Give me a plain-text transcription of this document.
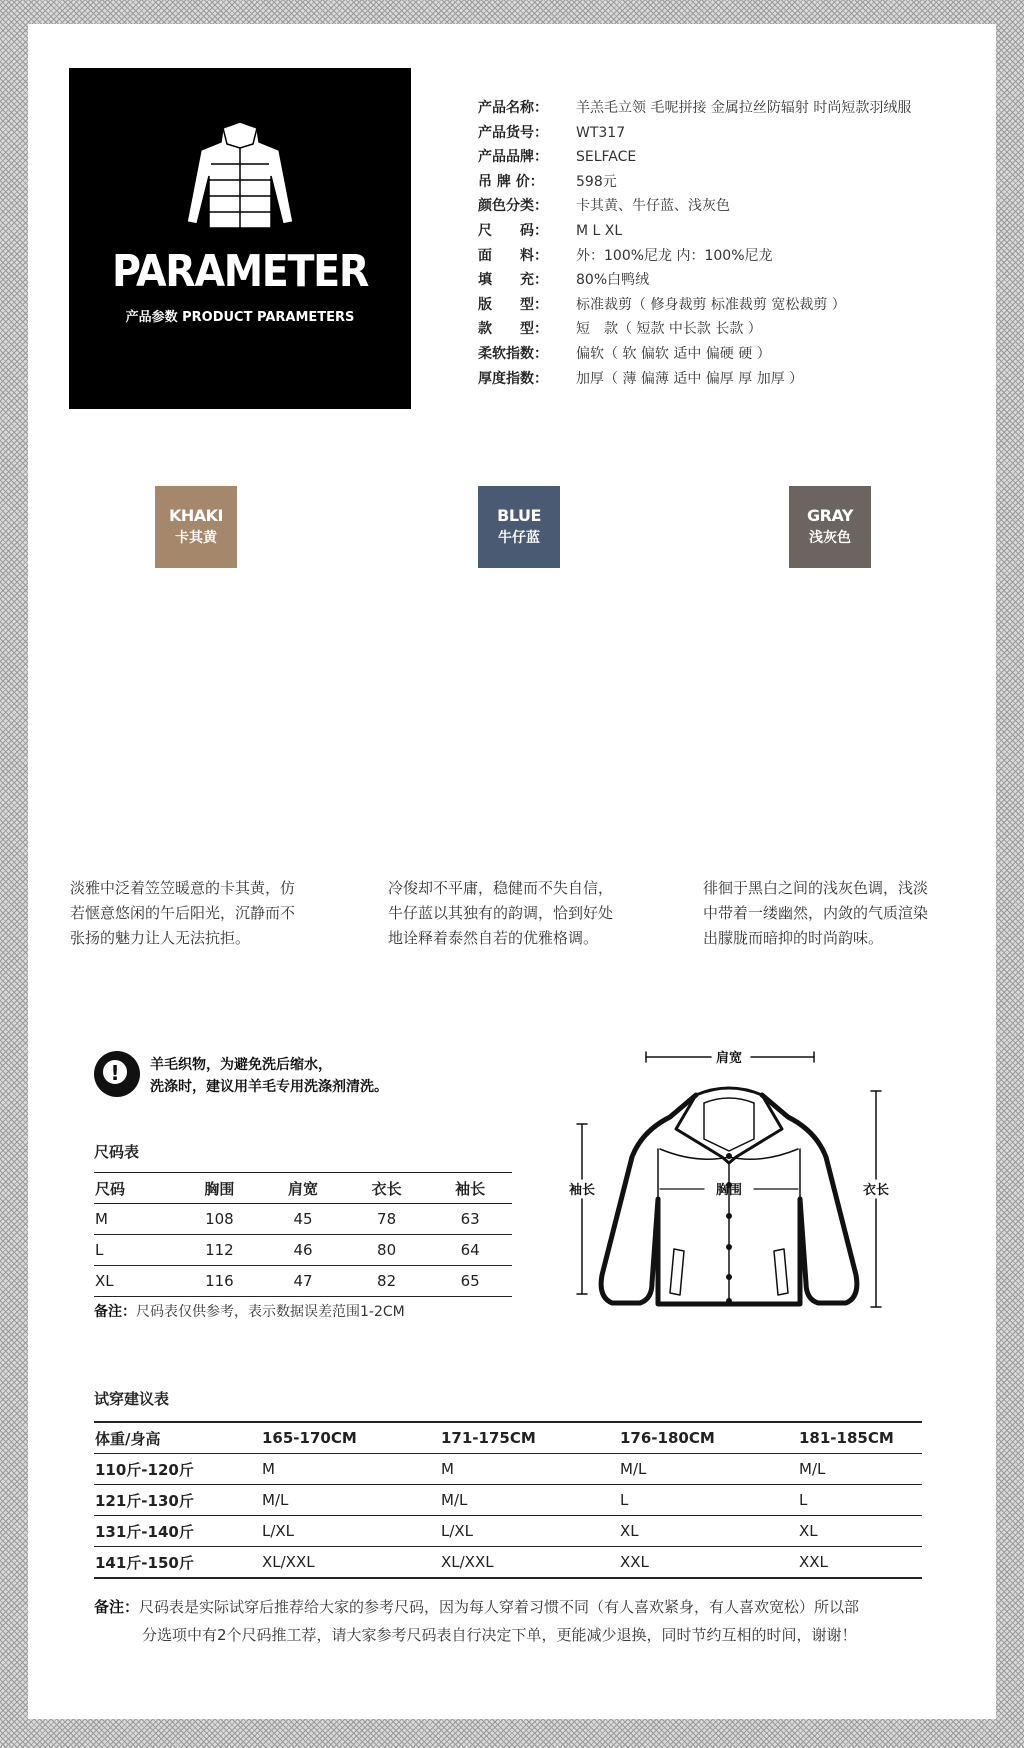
PARAMETER
产品参数 PRODUCT PARAMETERS
产品名称：	羊羔毛立领 毛呢拼接 金属拉丝防辐射 时尚短款羽绒服
产品货号：	WT317
产品品牌：	SELFACE
吊 牌 价：	598元
颜色分类：	卡其黄、牛仔蓝、浅灰色
尺　　码：	M L XL
面　　料：	外：100%尼龙 内：100%尼龙
填　　充：	80%白鸭绒
版　　型：	标准裁剪（ 修身裁剪 标准裁剪 宽松裁剪 ）
款　　型：	短　款（ 短款 中长款 长款 ）
柔软指数：	偏软（ 软 偏软 适中 偏硬 硬 ）
厚度指数：	加厚（ 薄 偏薄 适中 偏厚 厚 加厚 ）
KHAKI
卡其黄
BLUE
牛仔蓝
GRAY
浅灰色
淡雅中泛着笠笠暖意的卡其黄，仿
若惬意悠闲的午后阳光，沉静而不
张扬的魅力让人无法抗拒。
冷俊却不平庸，稳健而不失自信，
牛仔蓝以其独有的韵调，恰到好处
地诠释着泰然自若的优雅格调。
徘徊于黑白之间的浅灰色调，浅淡
中带着一缕幽然，内敛的气质渲染
出朦胧而暗抑的时尚韵味。
!	羊毛织物，为避免洗后缩水，
洗涤时，建议用羊毛专用洗涤剂清洗。
尺码表
尺码	胸围	肩宽	衣长	袖长
M	108	45	78	63
L	112	46	80	64
XL	116	47	82	65
备注：尺码表仅供参考，表示数据误差范围1-2CM
肩宽
胸围
袖长	衣长
试穿建议表
体重/身高	165-170CM	171-175CM	176-180CM	181-185CM
110斤-120斤	M	M	M/L	M/L
121斤-130斤	M/L	M/L	L	L
131斤-140斤	L/XL	L/XL	XL	XL
141斤-150斤	XL/XXL	XL/XXL	XXL	XXL
备注：尺码表是实际试穿后推荐给大家的参考尺码，因为每人穿着习惯不同（有人喜欢紧身，有人喜欢宽松）所以部
分选项中有2个尺码推工荐，请大家参考尺码表自行决定下单，更能减少退换，同时节约互相的时间，谢谢！
